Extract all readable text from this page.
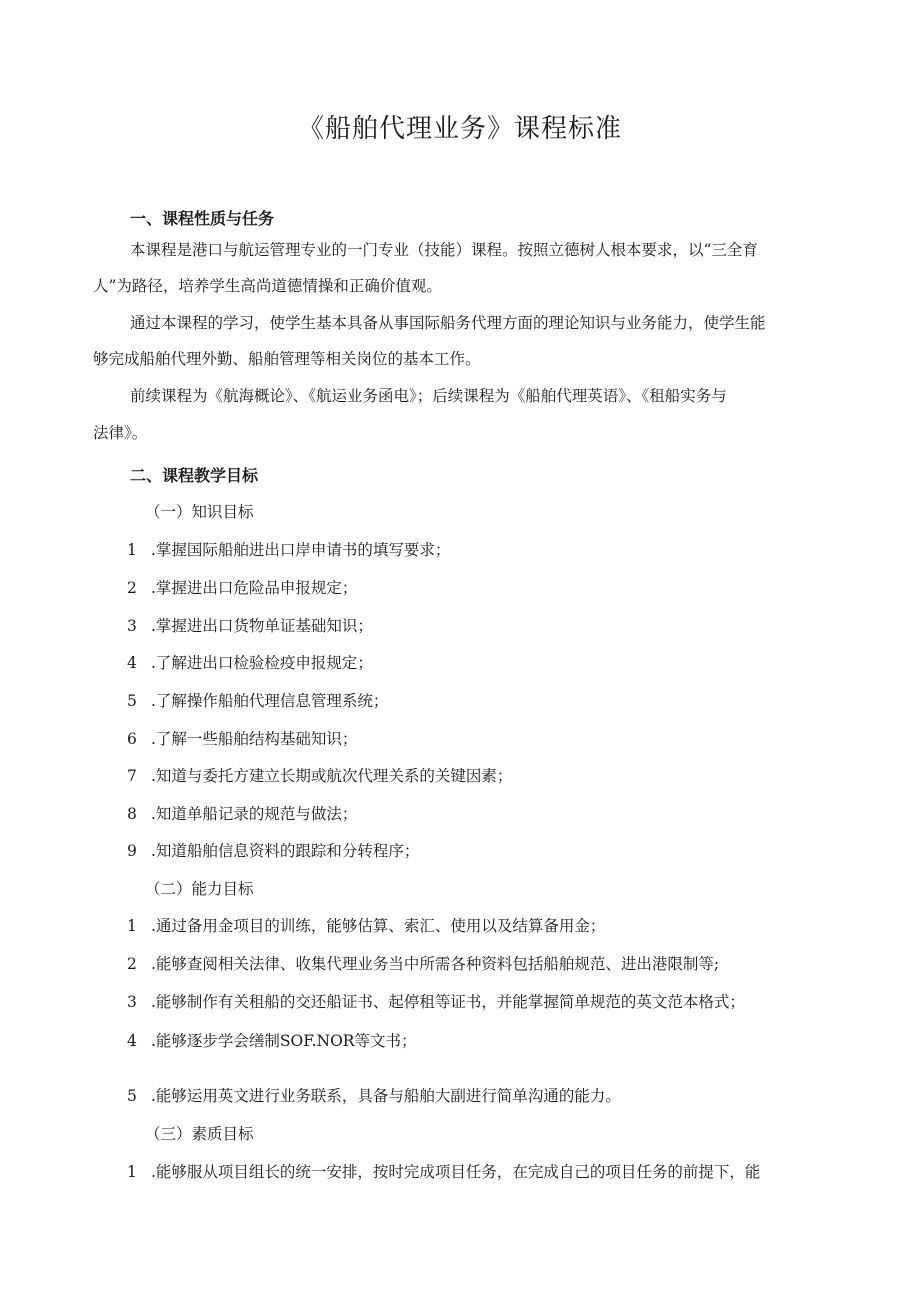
《船舶代理业务》课程标准
一、课程性质与任务
本课程是港口与航运管理专业的一门专业（技能）课程。按照立德树人根本要求，以“三全育
人”为路径，培养学生高尚道德情操和正确价值观。
通过本课程的学习，使学生基本具备从事国际船务代理方面的理论知识与业务能力，使学生能
够完成船舶代理外勤、船舶管理等相关岗位的基本工作。
前续课程为《航海概论》、《航运业务函电》；后续课程为《船舶代理英语》、《租船实务与
法律》。
二、课程教学目标
（一）知识目标
1 .掌握国际船舶进出口岸申请书的填写要求；
2 .掌握进出口危险品申报规定；
3 .掌握进出口货物单证基础知识；
4 .了解进出口检验检疫申报规定；
5 .了解操作船舶代理信息管理系统；
6 .了解一些船舶结构基础知识；
7 .知道与委托方建立长期或航次代理关系的关键因素；
8 .知道单船记录的规范与做法；
9 .知道船舶信息资料的跟踪和分转程序；
（二）能力目标
1 .通过备用金项目的训练，能够估算、索汇、使用以及结算备用金；
2 .能够查阅相关法律、收集代理业务当中所需各种资料包括船舶规范、进出港限制等;
3 .能够制作有关租船的交还船证书、起停租等证书，并能掌握简单规范的英文范本格式；
4 .能够逐步学会缮制SOF.NOR等文书；
5 .能够运用英文进行业务联系，具备与船舶大副进行简单沟通的能力。
（三）素质目标
1 .能够服从项目组长的统一安排，按时完成项目任务，在完成自己的项目任务的前提下，能
